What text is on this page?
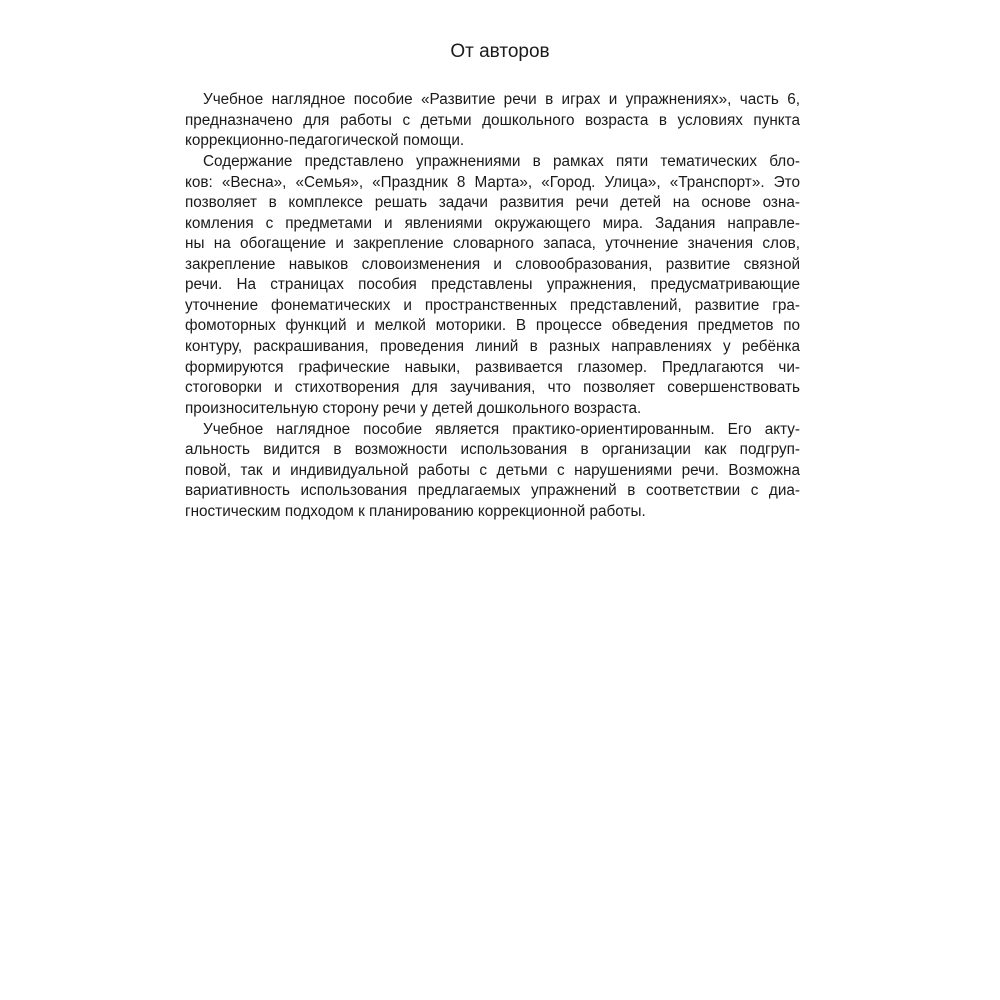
От авторов
Учебное наглядное пособие «Развитие речи в играх и упражнениях», часть 6,
предназначено для работы с детьми дошкольного возраста в условиях пункта
коррекционно-педагогической помощи.
Содержание представлено упражнениями в рамках пяти тематических бло-
ков: «Весна», «Семья», «Праздник 8 Марта», «Город. Улица», «Транспорт». Это
позволяет в комплексе решать задачи развития речи детей на основе озна-
комления с предметами и явлениями окружающего мира. Задания направле-
ны на обогащение и закрепление словарного запаса, уточнение значения слов,
закрепление навыков словоизменения и словообразования, развитие связной
речи. На страницах пособия представлены упражнения, предусматривающие
уточнение фонематических и пространственных представлений, развитие гра-
фомоторных функций и мелкой моторики. В процессе обведения предметов по
контуру, раскрашивания, проведения линий в разных направлениях у ребёнка
формируются графические навыки, развивается глазомер. Предлагаются чи-
стоговорки и стихотворения для заучивания, что позволяет совершенствовать
произносительную сторону речи у детей дошкольного возраста.
Учебное наглядное пособие является практико-ориентированным. Его акту-
альность видится в возможности использования в организации как подгруп-
повой, так и индивидуальной работы с детьми с нарушениями речи. Возможна
вариативность использования предлагаемых упражнений в соответствии с диа-
гностическим подходом к планированию коррекционной работы.
